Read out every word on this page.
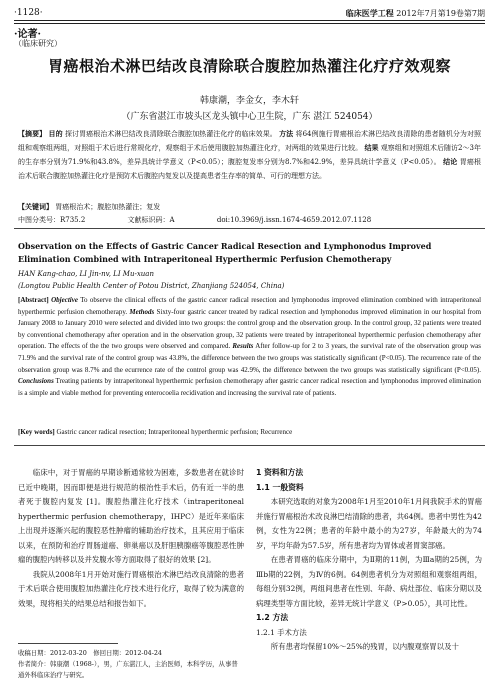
·1128·	临床医学工程 2012年7月第19卷第7期
·论著·
（临床研究）
胃癌根治术淋巴结改良清除联合腹腔加热灌注化疗疗效观察
韩康潮，李金女，李木轩
（广东省湛江市坡头区龙头镇中心卫生院，广东 湛江 524054）
【摘要】 目的 探讨胃癌根治术淋巴结改良清除联合腹腔加热灌注化疗的临床效果。 方法 将64例施行胃癌根治术淋巴结改良清除的患者随机分为对照组和观察组两组，对照组于术后进行常规化疗，观察组于术后使用腹腔加热灌注化疗，对两组的效果进行比较。 结果 观察组和对照组术后随访2～3年的生存率分别为71.9%和43.8%，差异具统计学意义（P<0.05）；腹腔复发率分别为8.7%和42.9%，差异具统计学意义（P<0.05）。 结论 胃癌根治术后联合腹腔加热灌注化疗是预防术后腹腔内复发以及提高患者生存率的简单、可行的理想方法。
【关键词】 胃癌根治术；腹腔加热灌注；复发
中图分类号：R735.2	文献标识码：A	doi:10.3969/j.issn.1674-4659.2012.07.1128
Observation on the Effects of Gastric Cancer Radical Resection and Lymphonodus Improved Elimination Combined with Intraperitoneal Hyperthermic Perfusion Chemotherapy
HAN Kang-chao, LI Jin-nv, LI Mu-xuan
(Longtou Public Health Center of Potou District, Zhanjiang 524054, China)
[Abstract] Objective To observe the clinical effects of the gastric cancer radical resection and lymphonodus improved elimination combined with intraperitoneal hyperthermic perfusion chemotherapy. Methods Sixty-four gastric cancer treated by radical resection and lymphonodus improved elimination in our hospital from January 2008 to January 2010 were selected and divided into two groups: the control group and the observation group. In the control group, 32 patients were treated by conventional chemotherapy after operation and in the observation group, 32 patients were treated by intraperitoneal hyperthermic perfusion chemotherapy after operation. The effects of the the two groups were observed and compared. Results After follow-up for 2 to 3 years, the survival rate of the observation group was 71.9% and the survival rate of the control group was 43.8%, the difference between the two groups was statistically significant (P<0.05). The recurrence rate of the observation group was 8.7% and the ecurrence rate of the control group was 42.9%, the difference between the two groups was statistically significant (P<0.05). Conclusions Treating patients by intraperitoneal hyperthermic perfusion chemotherapy after gastric cancer radical resection and lymphonodus improved elimination is a simple and viable method for preventing enterocoelia recidivation and increasing the survival rate of patients.
[Key words] Gastric cancer radical resection; Intraperitoneal hyperthermic perfusion; Recurrence
临床中，对于胃癌的早期诊断通常较为困难，多数患者在就诊时已近中晚期，因而即便是进行规范的根治性手术后，仍有近一半的患者死于腹腔内复发 [1]。腹腔热灌注化疗技术（intraperitoneal hyperthermic perfusion chemotherapy，IHPC）是近年来临床上出现并逐渐兴起的腹腔恶性肿瘤的辅助治疗技术，且其应用于临床以来，在预防和治疗胃肠道癌、卵巢癌以及肝胆胰腺癌等腹腔恶性肿瘤的腹腔内转移以及并发腹水等方面取得了很好的效果 [2]。
我院从2008年1月开始对施行胃癌根治术淋巴结改良清除的患者于术后联合使用腹腔加热灌注化疗技术进行化疗，取得了较为满意的效果，现将相关的结果总结和报告如下。
1 资料和方法
1.1 一般资料
本研究选取的对象为2008年1月至2010年1月间我院手术的胃癌并施行胃癌根治术改良淋巴结清除的患者，共64例。患者中男性为42例，女性为22例；患者的年龄中最小的为27岁，年龄最大的为74岁，平均年龄为57.5岁，所有患者均为胃体或者胃窦部癌。
在患者胃癌的临床分期中，为Ⅱ期的11例，为Ⅲa期的25例，为Ⅲb期的22例，为Ⅳ的6例。64例患者机分为对照组和观察组两组，每组分别32例，两组间患者在性别、年龄、病灶部位、临床分期以及病理类型等方面比较，差异无统计学意义（P>0.05），具可比性。
1.2 方法
1.2.1 手术方法
所有患者均保留10%～25%的残胃，以内腹观察胃以及十
收稿日期：2012-03-20　修回日期：2012-04-24
作者简介：韩康潮（1968-），男，广东湛江人，主治医师，本科学历，从事普通外科临床治疗与研究。
